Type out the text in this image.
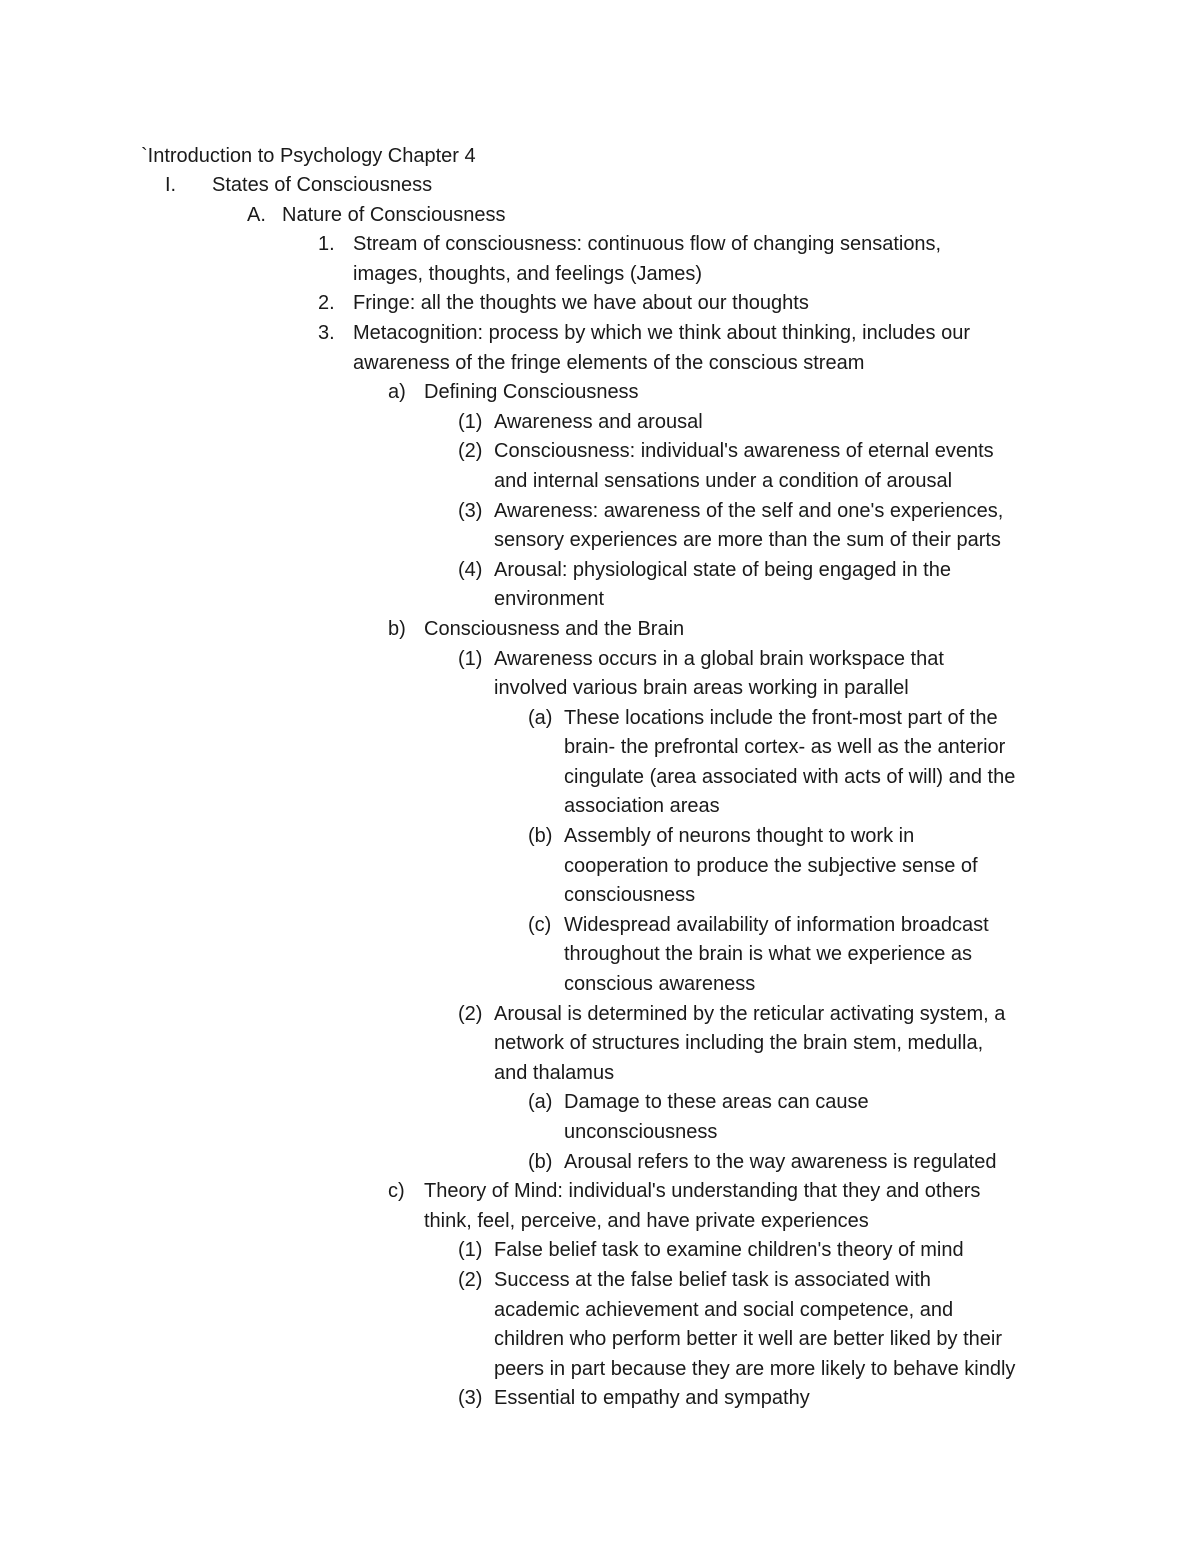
`Introduction to Psychology Chapter 4
I. States of Consciousness
A. Nature of Consciousness
1. Stream of consciousness: continuous flow of changing sensations,
images, thoughts, and feelings (James)
2. Fringe: all the thoughts we have about our thoughts
3. Metacognition: process by which we think about thinking, includes our
awareness of the fringe elements of the conscious stream
a) Defining Consciousness
(1) Awareness and arousal
(2) Consciousness: individual's awareness of eternal events
and internal sensations under a condition of arousal
(3) Awareness: awareness of the self and one's experiences,
sensory experiences are more than the sum of their parts
(4) Arousal: physiological state of being engaged in the
environment
b) Consciousness and the Brain
(1) Awareness occurs in a global brain workspace that
involved various brain areas working in parallel
(a) These locations include the front-most part of the
brain- the prefrontal cortex- as well as the anterior
cingulate (area associated with acts of will) and the
association areas
(b) Assembly of neurons thought to work in
cooperation to produce the subjective sense of
consciousness
(c) Widespread availability of information broadcast
throughout the brain is what we experience as
conscious awareness
(2) Arousal is determined by the reticular activating system, a
network of structures including the brain stem, medulla,
and thalamus
(a) Damage to these areas can cause
unconsciousness
(b) Arousal refers to the way awareness is regulated
c) Theory of Mind: individual's understanding that they and others
think, feel, perceive, and have private experiences
(1) False belief task to examine children's theory of mind
(2) Success at the false belief task is associated with
academic achievement and social competence, and
children who perform better it well are better liked by their
peers in part because they are more likely to behave kindly
(3) Essential to empathy and sympathy
